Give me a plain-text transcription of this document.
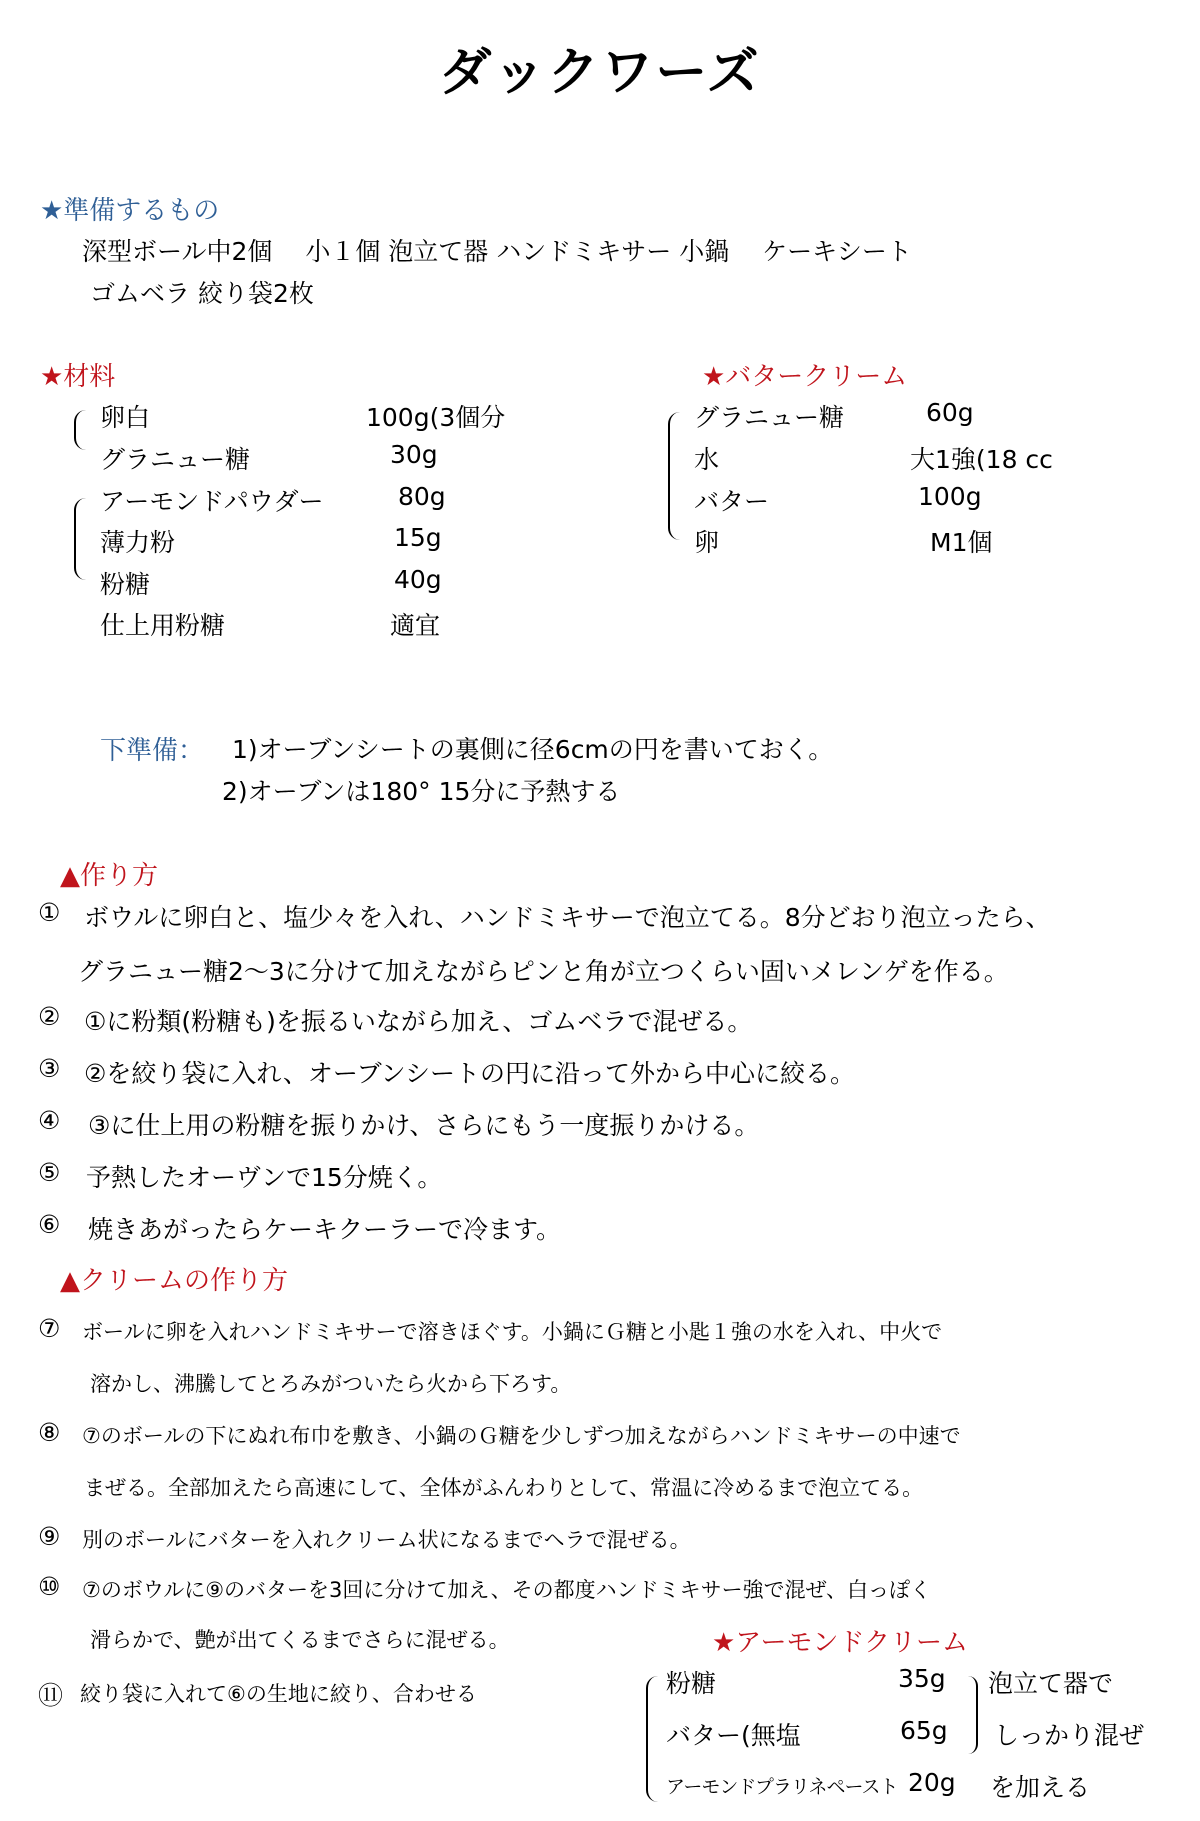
ダックワーズ
★準備するもの
深型ボール中2個　 小１個 泡立て器 ハンドミキサー 小鍋　 ケーキシート
ゴムベラ 絞り袋2枚
★材料
卵白	100g(3個分
グラニュー糖	30g
アーモンドパウダー	80g
薄力粉	15g
粉糖	40g
仕上用粉糖	適宜
★バタークリーム
グラニュー糖	60g
水	大1強(18 cc
バター	100g
卵	M1個
下準備： 1)オーブンシートの裏側に径6cmの円を書いておく。
2)オーブンは180° 15分に予熱する
▲作り方
① ボウルに卵白と、塩少々を入れ、ハンドミキサーで泡立てる。8分どおり泡立ったら、
グラニュー糖2～3に分けて加えながらピンと角が立つくらい固いメレンゲを作る。
② ①に粉類(粉糖も)を振るいながら加え、ゴムベラで混ぜる。
③ ②を絞り袋に入れ、オーブンシートの円に沿って外から中心に絞る。
④ ③に仕上用の粉糖を振りかけ、さらにもう一度振りかける。
⑤ 予熱したオーヴンで15分焼く。
⑥ 焼きあがったらケーキクーラーで冷ます。
▲クリームの作り方
⑦ ボールに卵を入れハンドミキサーで溶きほぐす。小鍋にＧ糖と小匙１強の水を入れ、中火で
溶かし、沸騰してとろみがついたら火から下ろす。
⑧ ⑦のボールの下にぬれ布巾を敷き、小鍋のＧ糖を少しずつ加えながらハンドミキサーの中速で
まぜる。全部加えたら高速にして、全体がふんわりとして、常温に冷めるまで泡立てる。
⑨ 別のボールにバターを入れクリーム状になるまでヘラで混ぜる。
⑩ ⑦のボウルに⑨のバターを3回に分けて加え、その都度ハンドミキサー強で混ぜ、白っぽく
滑らかで、艶が出てくるまでさらに混ぜる。
⑪ 絞り袋に入れて⑥の生地に絞り、合わせる
★アーモンドクリーム
粉糖	35g
バター(無塩	65g
アーモンドプラリネペースト 20g
泡立て器で
しっかり混ぜ
を加える
